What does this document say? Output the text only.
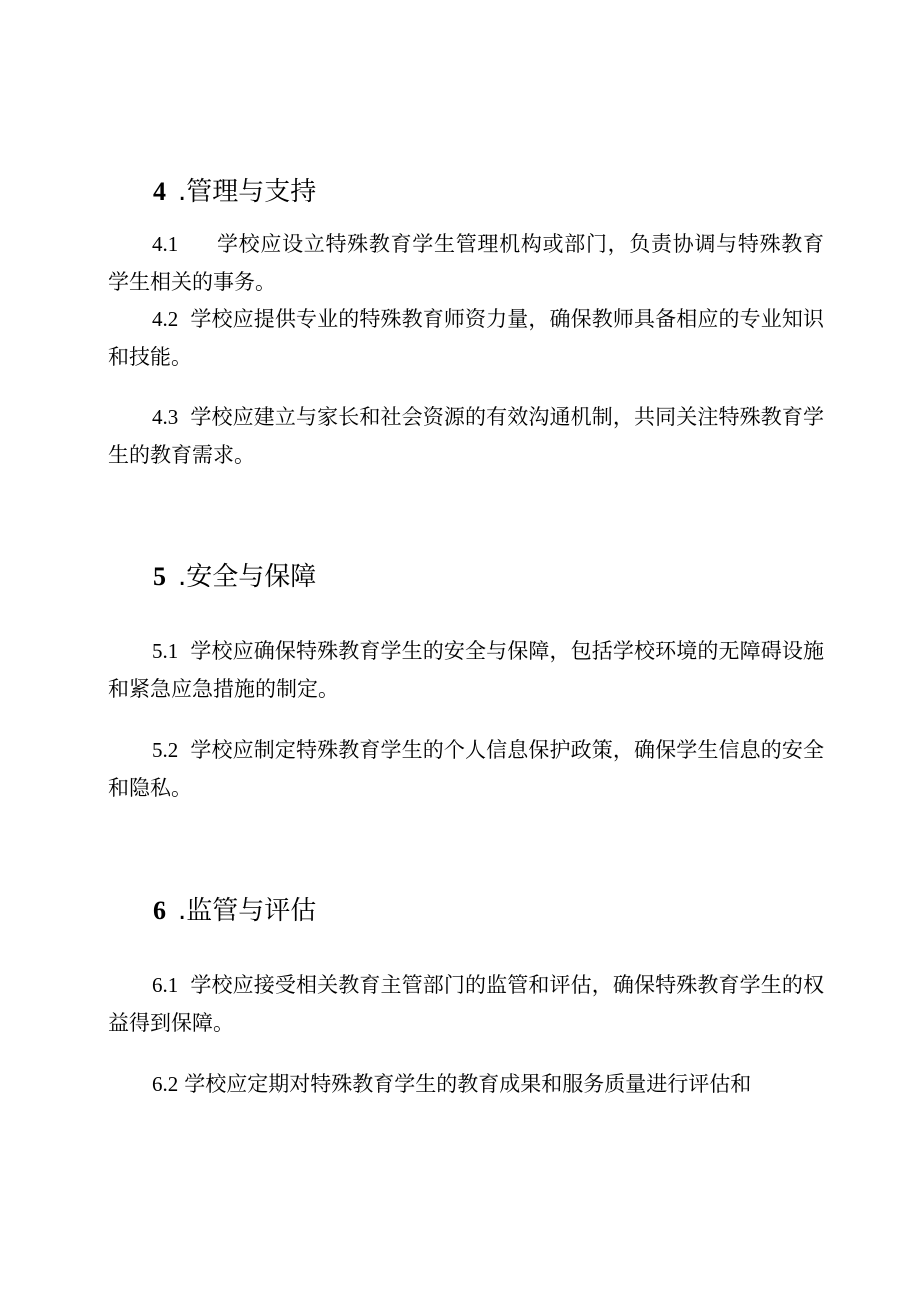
4 .管理与支持

4.1 学校应设立特殊教育学生管理机构或部门，负责协调与特殊教育学生相关的事务。

4.2 学校应提供专业的特殊教育师资力量，确保教师具备相应的专业知识和技能。

4.3 学校应建立与家长和社会资源的有效沟通机制，共同关注特殊教育学生的教育需求。

5 .安全与保障

5.1 学校应确保特殊教育学生的安全与保障，包括学校环境的无障碍设施和紧急应急措施的制定。

5.2 学校应制定特殊教育学生的个人信息保护政策，确保学生信息的安全和隐私。

6 .监管与评估

6.1 学校应接受相关教育主管部门的监管和评估，确保特殊教育学生的权益得到保障。

6.2 学校应定期对特殊教育学生的教育成果和服务质量进行评估和
